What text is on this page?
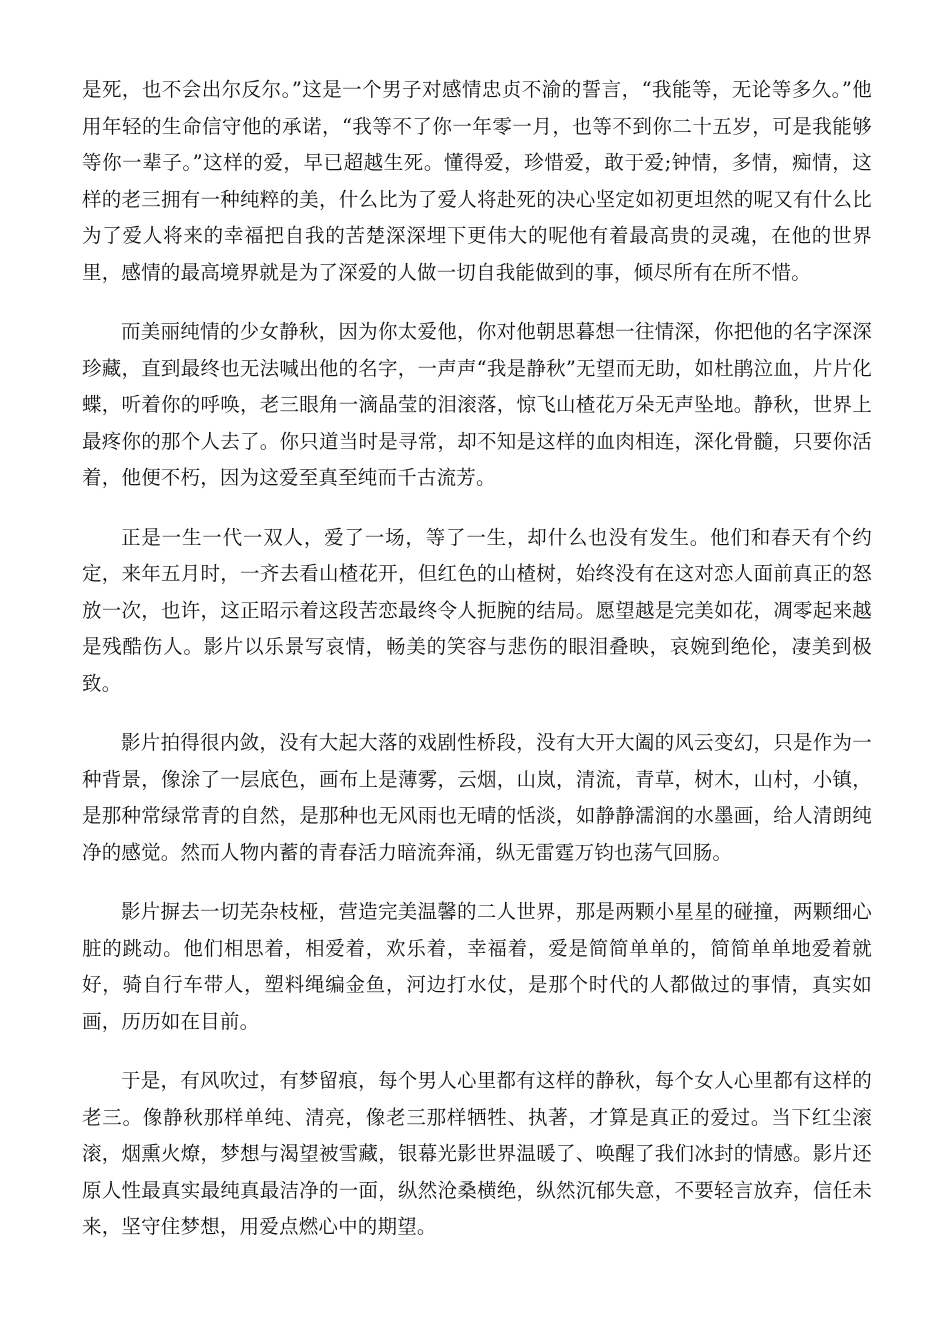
是死，也不会出尔反尔。”这是一个男子对感情忠贞不渝的誓言，“我能等，无论等多久。”他用年轻的生命信守他的承诺，“我等不了你一年零一月，也等不到你二十五岁，可是我能够等你一辈子。”这样的爱，早已超越生死。懂得爱，珍惜爱，敢于爱;钟情，多情，痴情，这样的老三拥有一种纯粹的美，什么比为了爱人将赴死的决心坚定如初更坦然的呢又有什么比为了爱人将来的幸福把自我的苦楚深深埋下更伟大的呢他有着最高贵的灵魂，在他的世界里，感情的最高境界就是为了深爱的人做一切自我能做到的事，倾尽所有在所不惜。

而美丽纯情的少女静秋，因为你太爱他，你对他朝思暮想一往情深，你把他的名字深深珍藏，直到最终也无法喊出他的名字，一声声“我是静秋”无望而无助，如杜鹃泣血，片片化蝶，听着你的呼唤，老三眼角一滴晶莹的泪滚落，惊飞山楂花万朵无声坠地。静秋，世界上最疼你的那个人去了。你只道当时是寻常，却不知是这样的血肉相连，深化骨髓，只要你活着，他便不朽，因为这爱至真至纯而千古流芳。

正是一生一代一双人，爱了一场，等了一生，却什么也没有发生。他们和春天有个约定，来年五月时，一齐去看山楂花开，但红色的山楂树，始终没有在这对恋人面前真正的怒放一次，也许，这正昭示着这段苦恋最终令人扼腕的结局。愿望越是完美如花，凋零起来越是残酷伤人。影片以乐景写哀情，畅美的笑容与悲伤的眼泪叠映，哀婉到绝伦，凄美到极致。

影片拍得很内敛，没有大起大落的戏剧性桥段，没有大开大阖的风云变幻，只是作为一种背景，像涂了一层底色，画布上是薄雾，云烟，山岚，清流，青草，树木，山村，小镇，是那种常绿常青的自然，是那种也无风雨也无晴的恬淡，如静静濡润的水墨画，给人清朗纯净的感觉。然而人物内蓄的青春活力暗流奔涌，纵无雷霆万钧也荡气回肠。

影片摒去一切芜杂枝桠，营造完美温馨的二人世界，那是两颗小星星的碰撞，两颗细心脏的跳动。他们相思着，相爱着，欢乐着，幸福着，爱是简简单单的，简简单单地爱着就好，骑自行车带人，塑料绳编金鱼，河边打水仗，是那个时代的人都做过的事情，真实如画，历历如在目前。

于是，有风吹过，有梦留痕，每个男人心里都有这样的静秋，每个女人心里都有这样的老三。像静秋那样单纯、清亮，像老三那样牺牲、执著，才算是真正的爱过。当下红尘滚滚，烟熏火燎，梦想与渴望被雪藏，银幕光影世界温暖了、唤醒了我们冰封的情感。影片还原人性最真实最纯真最洁净的一面，纵然沧桑横绝，纵然沉郁失意，不要轻言放弃，信任未来，坚守住梦想，用爱点燃心中的期望。
